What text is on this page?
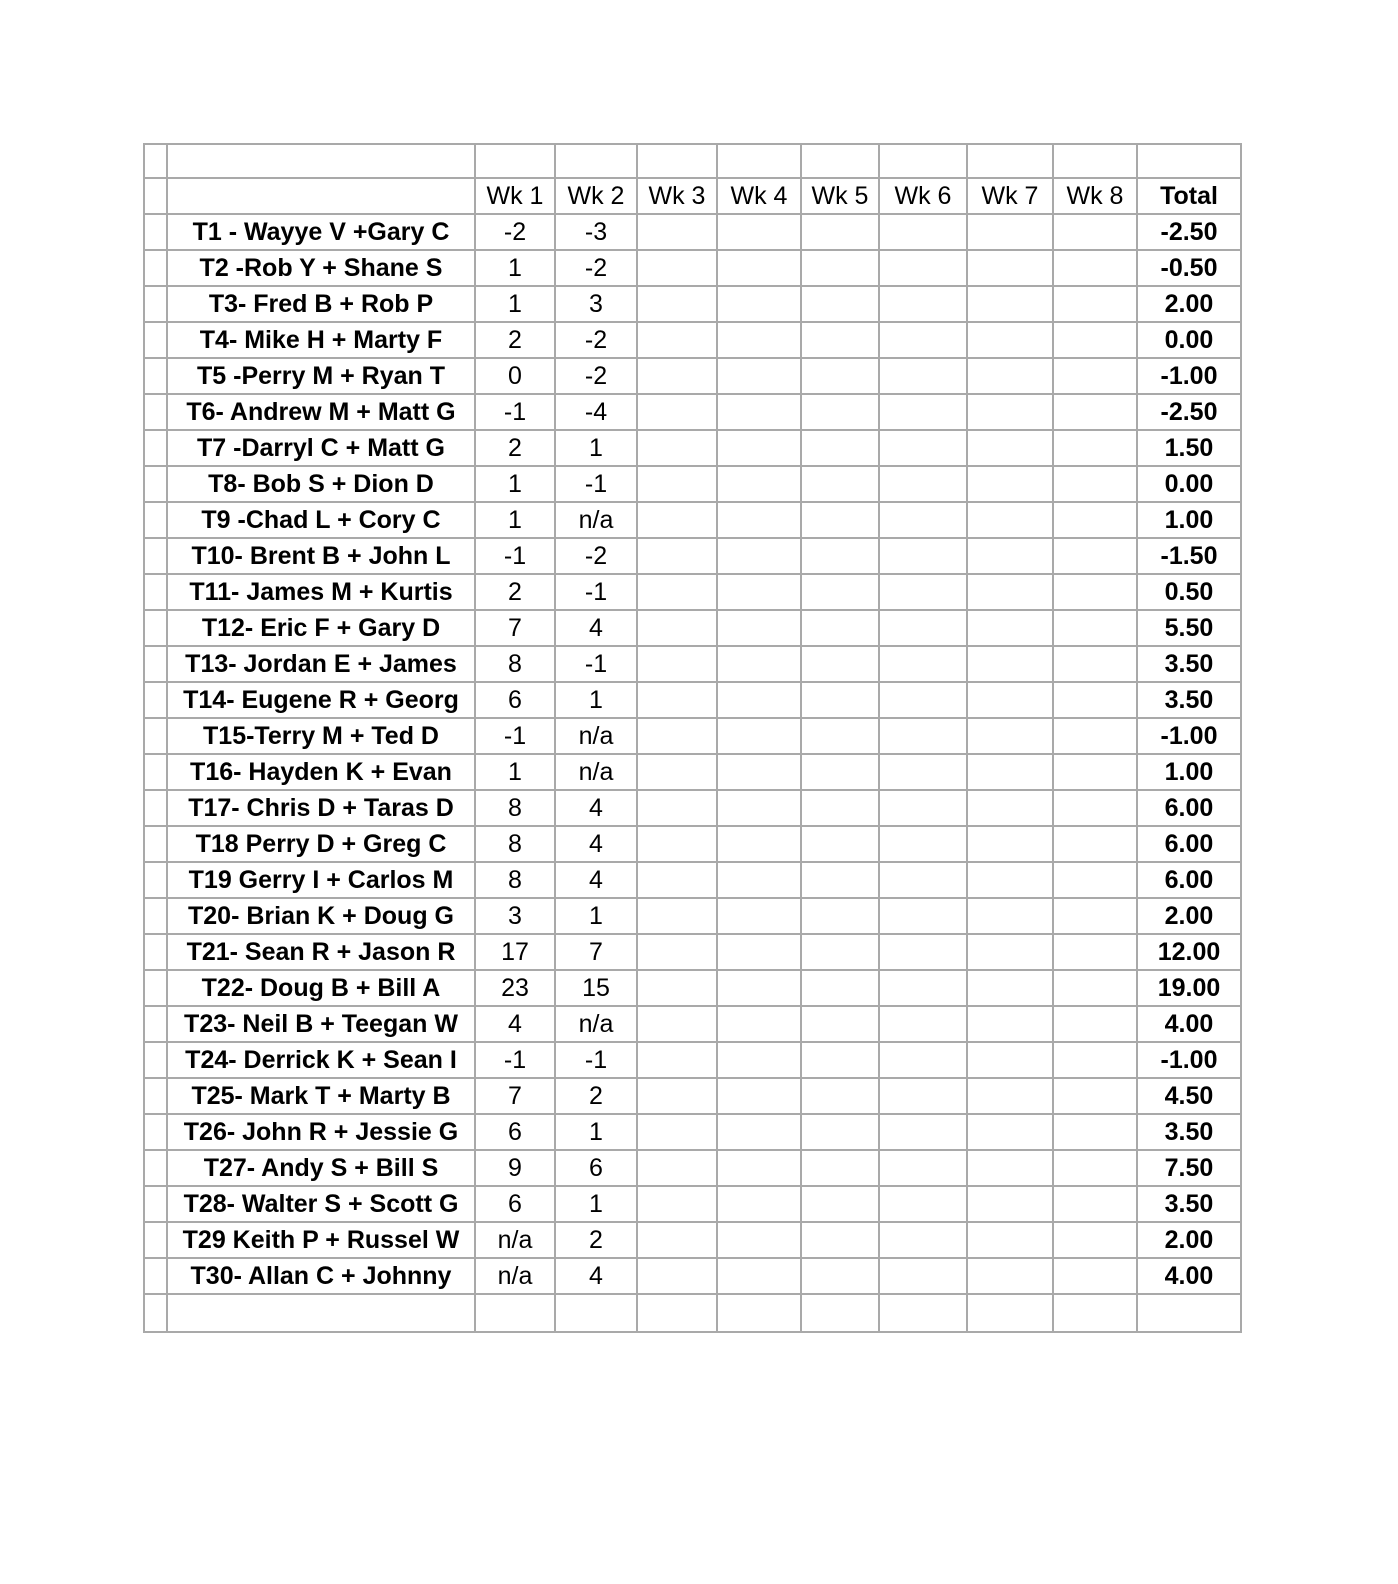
		Wk 1	Wk 2	Wk 3	Wk 4	Wk 5	Wk 6	Wk 7	Wk 8	Total
	T1 - Wayye V +Gary C	-2	-3							-2.50
	T2 -Rob Y + Shane S	1	-2							-0.50
	T3- Fred B + Rob P	1	3							2.00
	T4- Mike H + Marty F	2	-2							0.00
	T5 -Perry M + Ryan T	0	-2							-1.00
	T6- Andrew M + Matt G	-1	-4							-2.50
	T7 -Darryl C + Matt G	2	1							1.50
	T8- Bob S + Dion D	1	-1							0.00
	T9 -Chad L + Cory C	1	n/a							1.00
	T10- Brent B + John L	-1	-2							-1.50
	T11- James M + Kurtis	2	-1							0.50
	T12- Eric F + Gary D	7	4							5.50
	T13- Jordan E + James	8	-1							3.50
	T14- Eugene R + Georg	6	1							3.50
	T15-Terry M + Ted D	-1	n/a							-1.00
	T16- Hayden K + Evan	1	n/a							1.00
	T17- Chris D + Taras D	8	4							6.00
	T18 Perry D + Greg C	8	4							6.00
	T19 Gerry I + Carlos M	8	4							6.00
	T20- Brian K + Doug G	3	1							2.00
	T21- Sean R + Jason R	17	7							12.00
	T22- Doug B + Bill A	23	15							19.00
	T23- Neil B + Teegan W	4	n/a							4.00
	T24- Derrick K + Sean I	-1	-1							-1.00
	T25- Mark T + Marty B	7	2							4.50
	T26- John R + Jessie G	6	1							3.50
	T27- Andy S + Bill S	9	6							7.50
	T28- Walter S + Scott G	6	1							3.50
	T29 Keith P + Russel W	n/a	2							2.00
	T30- Allan C + Johnny	n/a	4							4.00
